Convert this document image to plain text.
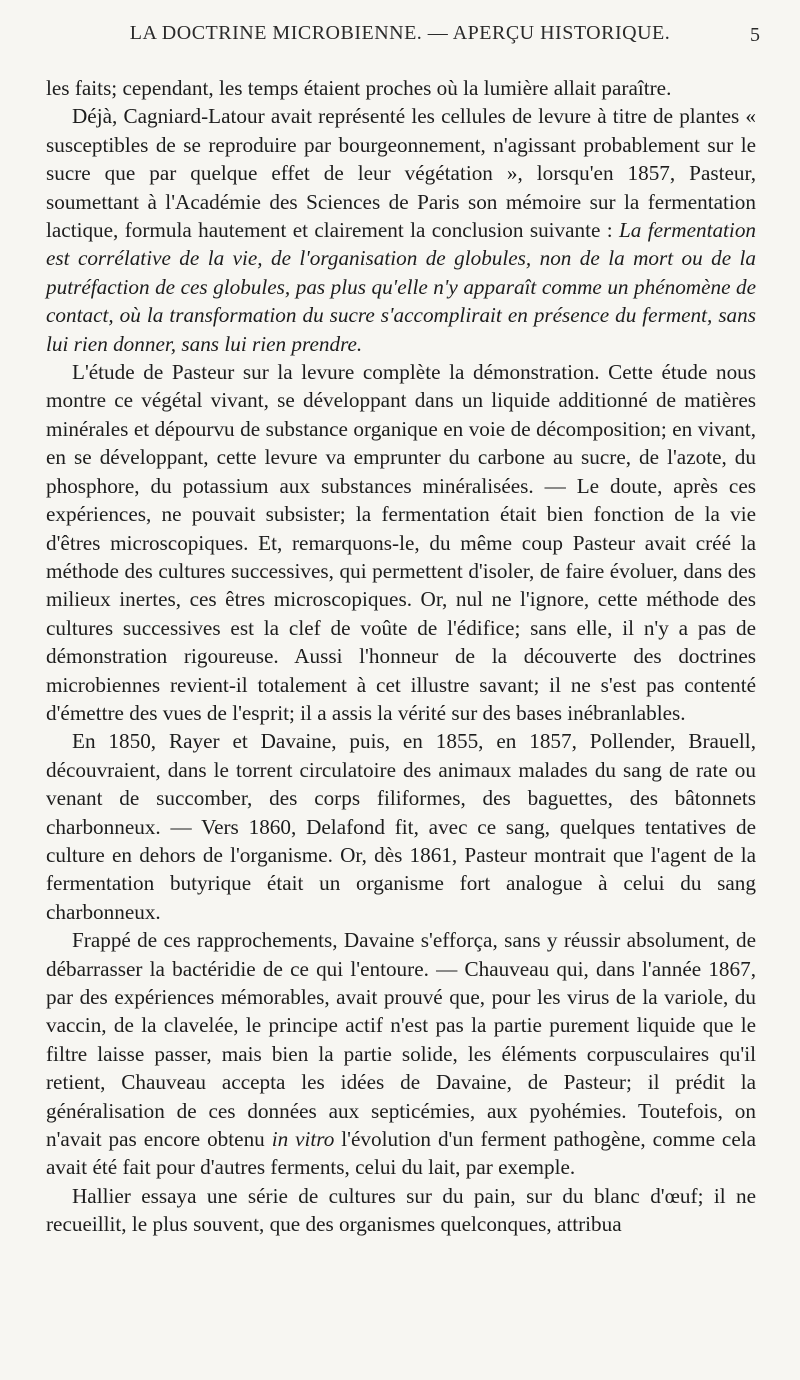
LA DOCTRINE MICROBIENNE. — APERÇU HISTORIQUE.	5

les faits; cependant, les temps étaient proches où la lumière allait paraître.

Déjà, Cagniard-Latour avait représenté les cellules de levure à titre de plantes « susceptibles de se reproduire par bourgeonnement, n'agissant probablement sur le sucre que par quelque effet de leur végétation », lorsqu'en 1857, Pasteur, soumettant à l'Académie des Sciences de Paris son mémoire sur la fermentation lactique, formula hautement et clairement la conclusion suivante : La fermentation est corrélative de la vie, de l'organisation de globules, non de la mort ou de la putréfaction de ces globules, pas plus qu'elle n'y apparaît comme un phénomène de contact, où la transformation du sucre s'accomplirait en présence du ferment, sans lui rien donner, sans lui rien prendre.

L'étude de Pasteur sur la levure complète la démonstration. Cette étude nous montre ce végétal vivant, se développant dans un liquide additionné de matières minérales et dépourvu de substance organique en voie de décomposition; en vivant, en se développant, cette levure va emprunter du carbone au sucre, de l'azote, du phosphore, du potassium aux substances minéralisées. — Le doute, après ces expériences, ne pouvait subsister; la fermentation était bien fonction de la vie d'êtres microscopiques. Et, remarquons-le, du même coup Pasteur avait créé la méthode des cultures successives, qui permettent d'isoler, de faire évoluer, dans des milieux inertes, ces êtres microscopiques. Or, nul ne l'ignore, cette méthode des cultures successives est la clef de voûte de l'édifice; sans elle, il n'y a pas de démonstration rigoureuse. Aussi l'honneur de la découverte des doctrines microbiennes revient-il totalement à cet illustre savant; il ne s'est pas contenté d'émettre des vues de l'esprit; il a assis la vérité sur des bases inébranlables.

En 1850, Rayer et Davaine, puis, en 1855, en 1857, Pollender, Brauell, découvraient, dans le torrent circulatoire des animaux malades du sang de rate ou venant de succomber, des corps filiformes, des baguettes, des bâtonnets charbonneux. — Vers 1860, Delafond fit, avec ce sang, quelques tentatives de culture en dehors de l'organisme. Or, dès 1861, Pasteur montrait que l'agent de la fermentation butyrique était un organisme fort analogue à celui du sang charbonneux.

Frappé de ces rapprochements, Davaine s'efforça, sans y réussir absolument, de débarrasser la bactéridie de ce qui l'entoure. — Chauveau qui, dans l'année 1867, par des expériences mémorables, avait prouvé que, pour les virus de la variole, du vaccin, de la clavelée, le principe actif n'est pas la partie purement liquide que le filtre laisse passer, mais bien la partie solide, les éléments corpusculaires qu'il retient, Chauveau accepta les idées de Davaine, de Pasteur; il prédit la généralisation de ces données aux septicémies, aux pyohémies. Toutefois, on n'avait pas encore obtenu in vitro l'évolution d'un ferment pathogène, comme cela avait été fait pour d'autres ferments, celui du lait, par exemple.

Hallier essaya une série de cultures sur du pain, sur du blanc d'œuf; il ne recueillit, le plus souvent, que des organismes quelconques, attribua
